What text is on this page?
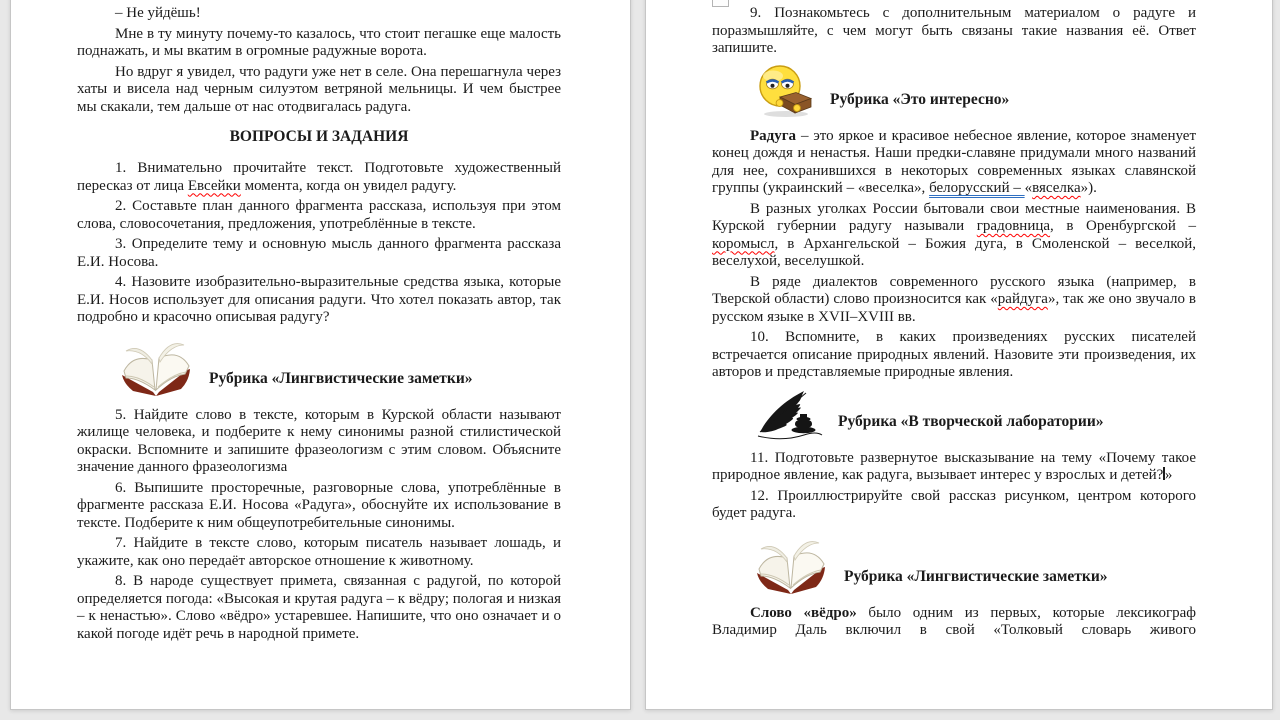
– Не уйдёшь!

Мне в ту минуту почему-то казалось, что стоит пегашке еще малость поднажать, и мы вкатим в огромные радужные ворота.

Но вдруг я увидел, что радуги уже нет в селе. Она перешагнула через хаты и висела над черным силуэтом ветряной мельницы. И чем быстрее мы скакали, тем дальше от нас отодвигалась радуга.

ВОПРОСЫ И ЗАДАНИЯ

1. Внимательно прочитайте текст. Подготовьте художественный пересказ от лица Евсейки момента, когда он увидел радугу.

2. Составьте план данного фрагмента рассказа, используя при этом слова, словосочетания, предложения, употреблённые в тексте.

3. Определите тему и основную мысль данного фрагмента рассказа Е.И. Носова.

4. Назовите изобразительно-выразительные средства языка, которые Е.И. Носов использует для описания радуги. Что хотел показать автор, так подробно и красочно описывая радугу?

Рубрика «Лингвистические заметки»

5. Найдите слово в тексте, которым в Курской области называют жилище человека, и подберите к нему синонимы разной стилистической окраски. Вспомните и запишите фразеологизм с этим словом. Объясните значение данного фразеологизма

6. Выпишите просторечные, разговорные слова, употреблённые в фрагменте рассказа Е.И. Носова «Радуга», обоснуйте их использование в тексте. Подберите к ним общеупотребительные синонимы.

7. Найдите в тексте слово, которым писатель называет лошадь, и укажите, как оно передаёт авторское отношение к животному.

8. В народе существует примета, связанная с радугой, по которой определяется погода: «Высокая и крутая радуга – к вёдру; пологая и низкая – к ненастью». Слово «вёдро» устаревшее. Напишите, что оно означает и о какой погоде идёт речь в народной примете.

9. Познакомьтесь с дополнительным материалом о радуге и поразмышляйте, с чем могут быть связаны такие названия её. Ответ запишите.

Рубрика «Это интересно»

Радуга – это яркое и красивое небесное явление, которое знаменует конец дождя и ненастья. Наши предки-славяне придумали много названий для нее, сохранившихся в некоторых современных языках славянской группы (украинский – «веселка», белорусский – «вяселка»).

В разных уголках России бытовали свои местные наименования. В Курской губернии радугу называли градовница, в Оренбургской – коромысл, в Архангельской – Божия дуга, в Смоленской – веселкой, веселухой, веселушкой.

В ряде диалектов современного русского языка (например, в Тверской области) слово произносится как «райдуга», так же оно звучало в русском языке в XVII–XVIII вв.

10. Вспомните, в каких произведениях русских писателей встречается описание природных явлений. Назовите эти произведения, их авторов и представляемые природные явления.

Рубрика «В творческой лаборатории»

11. Подготовьте развернутое высказывание на тему «Почему такое природное явление, как радуга, вызывает интерес у взрослых и детей? »

12. Проиллюстрируйте свой рассказ рисунком, центром которого будет радуга.

Рубрика «Лингвистические заметки»

Слово «вёдро» было одним из первых, которые лексикограф Владимир Даль включил в свой «Толковый словарь живого
